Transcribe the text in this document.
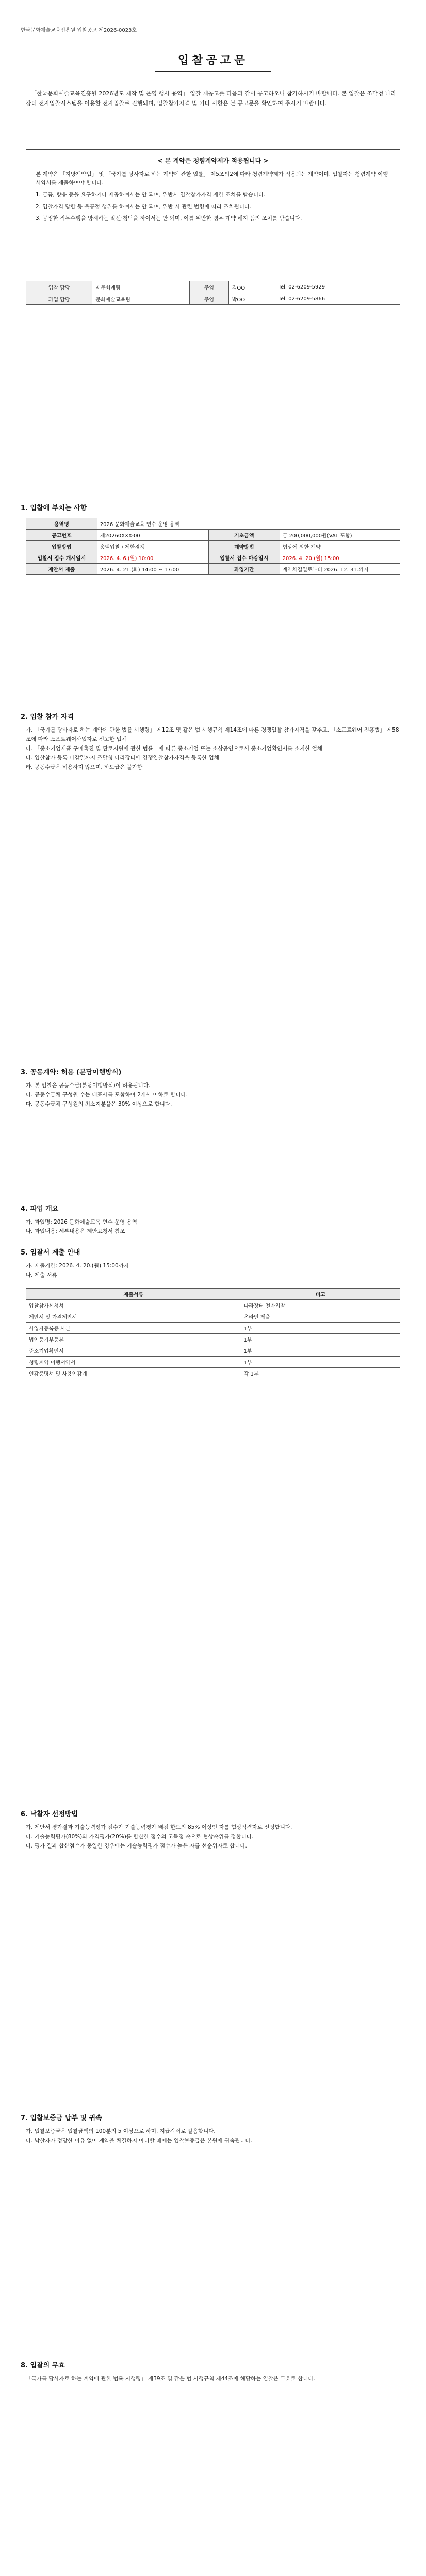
한국문화예술교육진흥원 입찰공고 제2026-0023호
입찰공고문
「한국문화예술교육진흥원 2026년도 제작 및 운영 행사 용역」 입찰 재공고를 다음과 같이 공고하오니 참가하시기 바랍니다. 본 입찰은 조달청 나라장터 전자입찰시스템을 이용한 전자입찰로 진행되며, 입찰참가자격 및 기타 사항은 본 공고문을 확인하여 주시기 바랍니다.
< 본 계약은 청렴계약제가 적용됩니다 >

본 계약은 「지방계약법」 및 「국가를 당사자로 하는 계약에 관한 법률」 제5조의2에 따라 청렴계약제가 적용되는 계약이며, 입찰자는 청렴계약 이행서약서를 제출하여야 합니다.

1. 금품, 향응 등을 요구하거나 제공하여서는 안 되며, 위반시 입찰참가자격 제한 조치를 받습니다.

2. 입찰가격 담합 등 불공정 행위를 하여서는 안 되며, 위반 시 관련 법령에 따라 조치됩니다.

3. 공정한 직무수행을 방해하는 알선·청탁을 하여서는 안 되며, 이를 위반한 경우 계약 해지 등의 조치를 받습니다.

입찰 담당	재무회계팀	주임	김OO	Tel. 02-6209-5929
과업 담당	문화예술교육팀	주임	박OO	Tel. 02-6209-5866
1. 입찰에 부치는 사항
용역명	2026 문화예술교육 연수 운영 용역		
공고번호	제20260XXX-00	기초금액	금 200,000,000원(VAT 포함)
입찰방법	총액입찰 / 제한경쟁	계약방법	협상에 의한 계약
입찰서 접수 개시일시	2026. 4. 6.(월) 10:00	입찰서 접수 마감일시	2026. 4. 20.(월) 15:00
제안서 제출	2026. 4. 21.(화) 14:00 ~ 17:00	과업기간	계약체결일로부터 2026. 12. 31.까지
2. 입찰 참가 자격
가. 「국가를 당사자로 하는 계약에 관한 법률 시행령」 제12조 및 같은 법 시행규칙 제14조에 따른 경쟁입찰 참가자격을 갖추고, 「소프트웨어 진흥법」 제58조에 따라 소프트웨어사업자로 신고한 업체
나. 「중소기업제품 구매촉진 및 판로지원에 관한 법률」에 따른 중소기업 또는 소상공인으로서 중소기업확인서를 소지한 업체
다. 입찰참가 등록 마감일까지 조달청 나라장터에 경쟁입찰참가자격을 등록한 업체
라. 공동수급은 허용하지 않으며, 하도급은 불가함
3. 공동계약: 허용 (분담이행방식)
가. 본 입찰은 공동수급(분담이행방식)이 허용됩니다.
나. 공동수급체 구성원 수는 대표사를 포함하여 2개사 이하로 합니다.
다. 공동수급체 구성원의 최소지분율은 30% 이상으로 합니다.
4. 과업 개요
가. 과업명: 2026 문화예술교육 연수 운영 용역
나. 과업내용: 세부내용은 제안요청서 참조
5. 입찰서 제출 안내
가. 제출기한: 2026. 4. 20.(월) 15:00까지
나. 제출 서류
제출서류	비고
입찰참가신청서	나라장터 전자입찰
제안서 및 가격제안서	온라인 제출
사업자등록증 사본	1부
법인등기부등본	1부
중소기업확인서	1부
청렴계약 이행서약서	1부
인감증명서 및 사용인감계	각 1부
6. 낙찰자 선정방법
가. 제안서 평가결과 기술능력평가 점수가 기술능력평가 배점 한도의 85% 이상인 자를 협상적격자로 선정합니다.
나. 기술능력평가(80%)와 가격평가(20%)를 합산한 점수의 고득점 순으로 협상순위를 정합니다.
다. 평가 결과 합산점수가 동일한 경우에는 기술능력평가 점수가 높은 자를 선순위자로 합니다.
7. 입찰보증금 납부 및 귀속
가. 입찰보증금은 입찰금액의 100분의 5 이상으로 하며, 지급각서로 갈음합니다.
나. 낙찰자가 정당한 이유 없이 계약을 체결하지 아니할 때에는 입찰보증금은 본원에 귀속됩니다.
8. 입찰의 무효
「국가를 당사자로 하는 계약에 관한 법률 시행령」 제39조 및 같은 법 시행규칙 제44조에 해당하는 입찰은 무효로 합니다.
